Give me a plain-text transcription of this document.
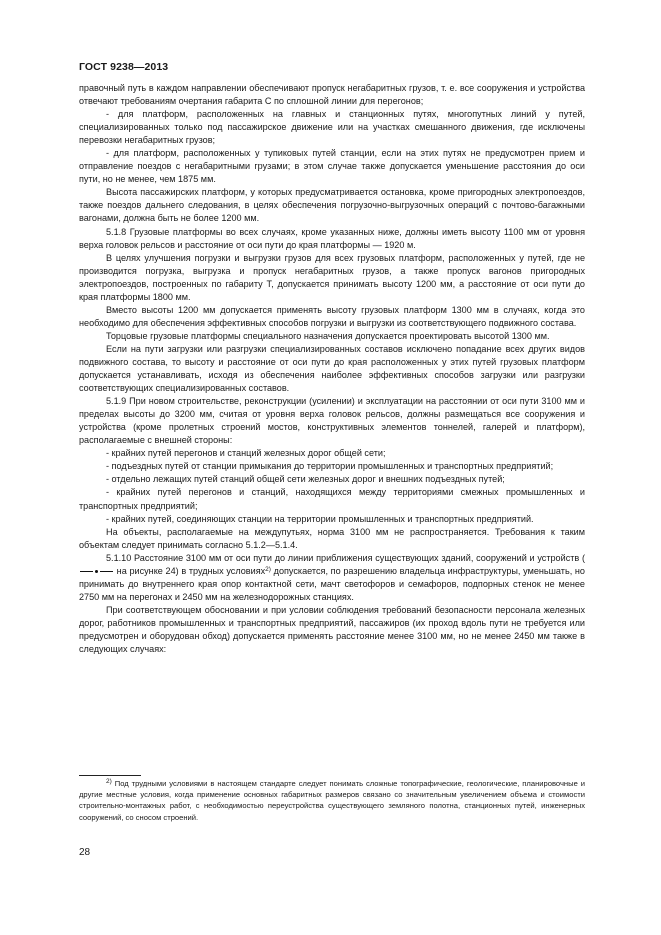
ГОСТ 9238—2013

правочный путь в каждом направлении обеспечивают пропуск негабаритных грузов, т. е. все сооружения и устройства отвечают требованиям очертания габарита С по сплошной линии для перегонов;

- для платформ, расположенных на главных и станционных путях, многопутных линий у путей, специализированных только под пассажирское движение или на участках смешанного движения, где исключены перевозки негабаритных грузов;

- для платформ, расположенных у тупиковых путей станции, если на этих путях не предусмотрен прием и отправление поездов с негабаритными грузами; в этом случае также допускается уменьшение расстояния до оси пути, но не менее, чем 1875 мм.

Высота пассажирских платформ, у которых предусматривается остановка, кроме пригородных электропоездов, также поездов дальнего следования, в целях обеспечения погрузочно-выгрузочных операций с почтово-багажными вагонами, должна быть не более 1200 мм.

5.1.8 Грузовые платформы во всех случаях, кроме указанных ниже, должны иметь высоту 1100 мм от уровня верха головок рельсов и расстояние от оси пути до края платформы — 1920 м.

В целях улучшения погрузки и выгрузки грузов для всех грузовых платформ, расположенных у путей, где не производится погрузка, выгрузка и пропуск негабаритных грузов, а также пропуск вагонов пригородных электропоездов, построенных по габариту Т, допускается принимать высоту 1200 мм, а расстояние от оси пути до края платформы 1800 мм.

Вместо высоты 1200 мм допускается применять высоту грузовых платформ 1300 мм в случаях, когда это необходимо для обеспечения эффективных способов погрузки и выгрузки из соответствующего подвижного состава.

Торцовые грузовые платформы специального назначения допускается проектировать высотой 1300 мм.

Если на пути загрузки или разгрузки специализированных составов исключено попадание всех других видов подвижного состава, то высоту и расстояние от оси пути до края расположенных у этих путей грузовых платформ допускается устанавливать, исходя из обеспечения наиболее эффективных способов загрузки или разгрузки соответствующих специализированных составов.

5.1.9 При новом строительстве, реконструкции (усилении) и эксплуатации на расстоянии от оси пути 3100 мм и пределах высоты до 3200 мм, считая от уровня верха головок рельсов, должны размещаться все сооружения и устройства (кроме пролетных строений мостов, конструктивных элементов тоннелей, галерей и платформ), располагаемые с внешней стороны:

- крайних путей перегонов и станций железных дорог общей сети;

- подъездных путей от станции примыкания до территории промышленных и транспортных предприятий;

- отдельно лежащих путей станций общей сети железных дорог и внешних подъездных путей;

- крайних путей перегонов и станций, находящихся между территориями смежных промышленных и транспортных предприятий;

- крайних путей, соединяющих станции на территории промышленных и транспортных предприятий.

На объекты, располагаемые на междупутьях, норма 3100 мм не распространяется. Требования к таким объектам следует принимать согласно 5.1.2—5.1.4.

5.1.10 Расстояние 3100 мм от оси пути до линии приближения существующих зданий, сооружений и устройств (
на рисунке 24) в трудных условиях$^{2)}$ допускается, по разрешению владельца инфраструктуры, уменьшать, но принимать до внутреннего края опор контактной сети, мачт светофоров и семафоров, подпорных стенок не менее 2750 мм на перегонах и 2450 мм на железнодорожных станциях.

При соответствующем обосновании и при условии соблюдения требований безопасности персонала железных дорог, работников промышленных и транспортных предприятий, пассажиров (их проход вдоль пути не требуется или предусмотрен и оборудован обход) допускается применять расстояние менее 3100 мм, но не менее 2450 мм также в следующих случаях:

2) Под трудными условиями в настоящем стандарте следует понимать сложные топографические, геологические, планировочные и другие местные условия, когда применение основных габаритных размеров связано со значительным увеличением объема и стоимости строительно-монтажных работ, с необходимостью переустройства существующего земляного полотна, станционных путей, инженерных сооружений, со сносом строений.

28
